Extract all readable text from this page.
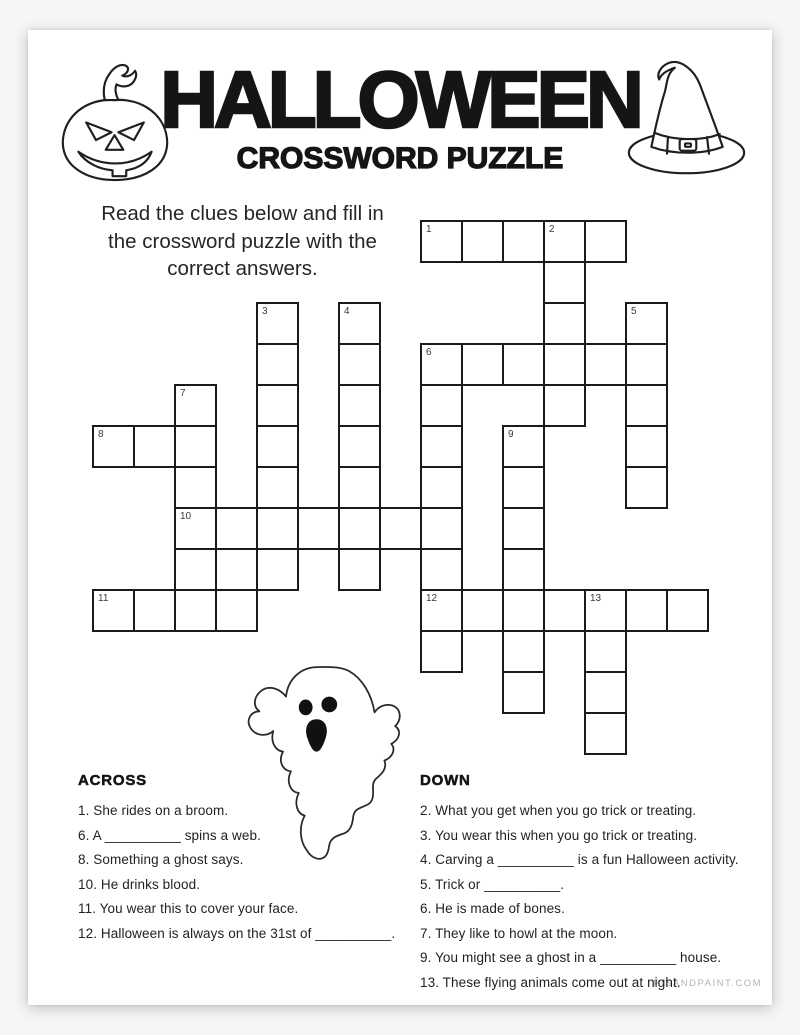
HALLOWEEN
CROSSWORD PUZZLE
Read the clues below and fill in
the crossword puzzle with the
correct answers.
1	2
3	4	5
6
7
8	9
10
11	12	13
ACROSS
1. She rides on a broom.
6. A __________ spins a web.
8. Something a ghost says.
10. He drinks blood.
11. You wear this to cover your face.
12. Halloween is always on the 31st of __________.
DOWN
2. What you get when you go trick or treating.
3. You wear this when you go trick or treating.
4. Carving a __________ is a fun Halloween activity.
5. Trick or __________.
6. He is made of bones.
7. They like to howl at the moon.
9. You might see a ghost in a __________ house.
13. These flying animals come out at night.
PISANDPAINT.COM
